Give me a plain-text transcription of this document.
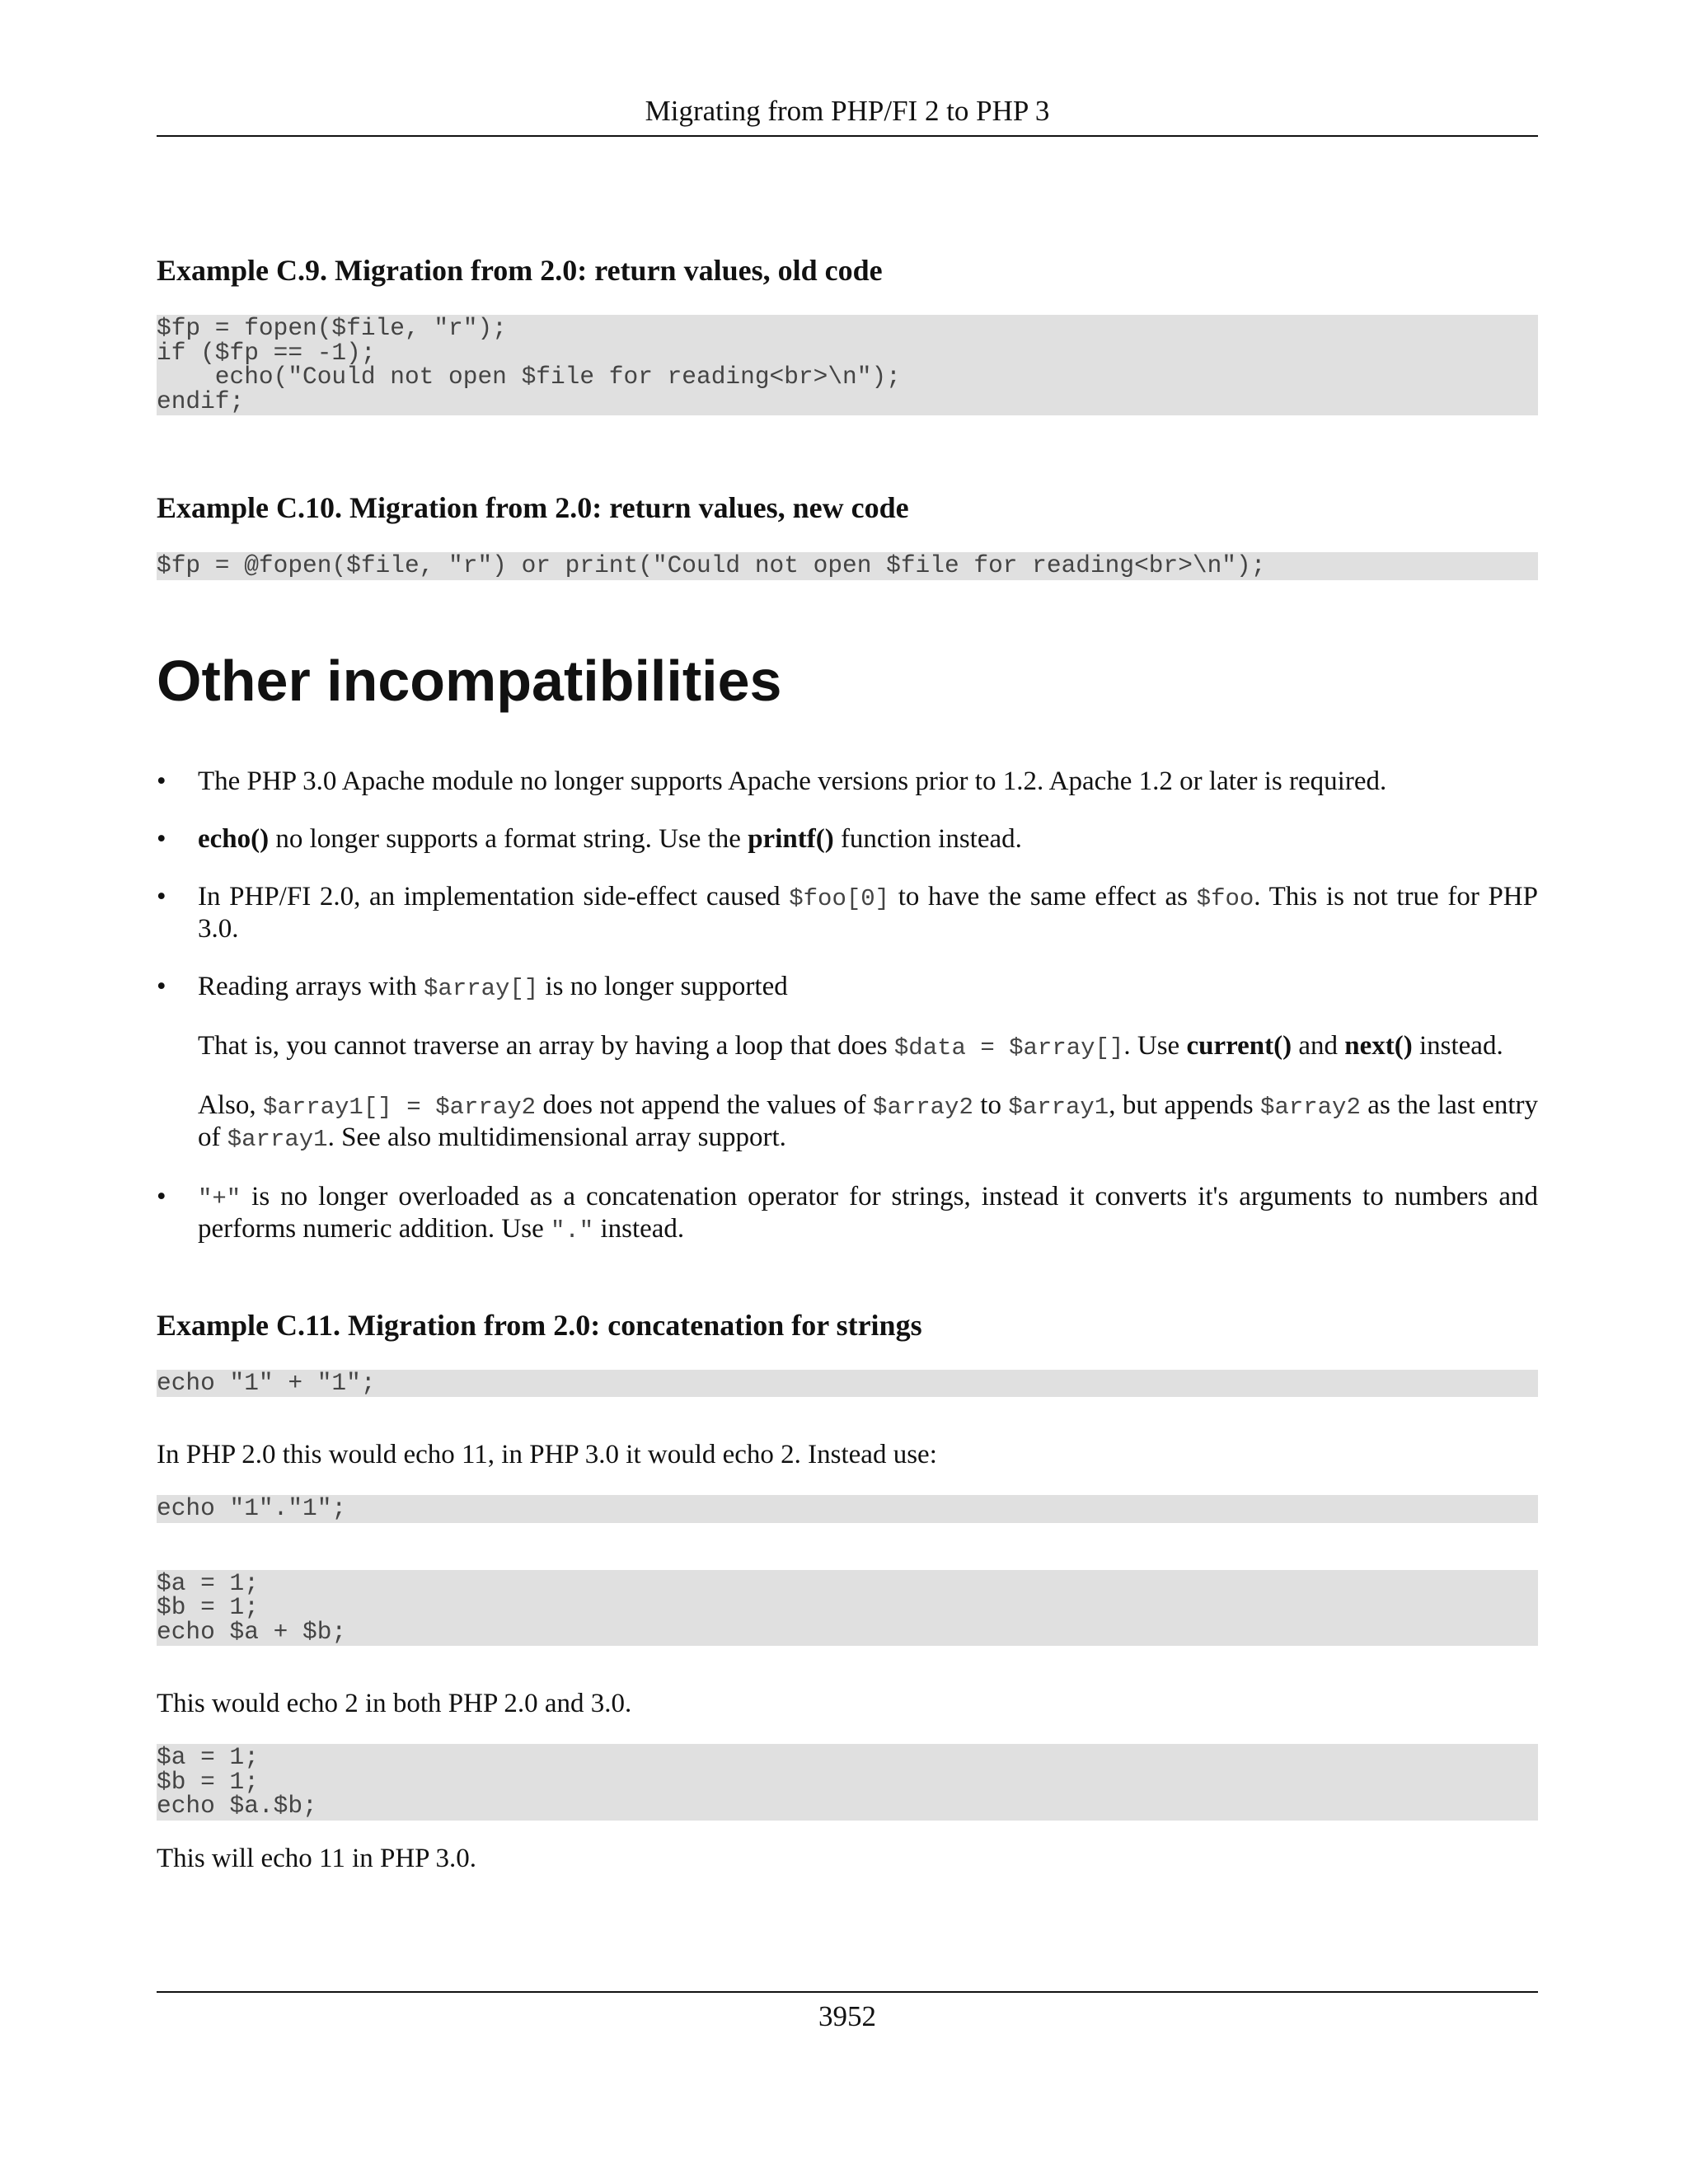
Migrating from PHP/FI 2 to PHP 3
Example C.9. Migration from 2.0: return values, old code
$fp = fopen($file, "r");
if ($fp == -1);
echo("Could not open $file for reading<br>\n");
endif;
Example C.10. Migration from 2.0: return values, new code
$fp = @fopen($file, "r") or print("Could not open $file for reading<br>\n");
Other incompatibilities
• The PHP 3.0 Apache module no longer supports Apache versions prior to 1.2. Apache 1.2 or later is required.
• echo() no longer supports a format string. Use the printf() function instead.
• In PHP/FI 2.0, an implementation side-effect caused $foo[0] to have the same effect as $foo. This is not true for PHP 3.0.
• Reading arrays with $array[] is no longer supported
That is, you cannot traverse an array by having a loop that does $data = $array[]. Use current() and next() instead.
Also, $array1[] = $array2 does not append the values of $array2 to $array1, but appends $array2 as the last entry of $array1. See also multidimensional array support.
• "+" is no longer overloaded as a concatenation operator for strings, instead it converts it's arguments to numbers and performs numeric addition. Use "." instead.
Example C.11. Migration from 2.0: concatenation for strings
echo "1" + "1";

In PHP 2.0 this would echo 11, in PHP 3.0 it would echo 2. Instead use:

echo "1"."1";
$a = 1;
$b = 1;
echo $a + $b;

This would echo 2 in both PHP 2.0 and 3.0.

$a = 1;
$b = 1;
echo $a.$b;

This will echo 11 in PHP 3.0.

3952
